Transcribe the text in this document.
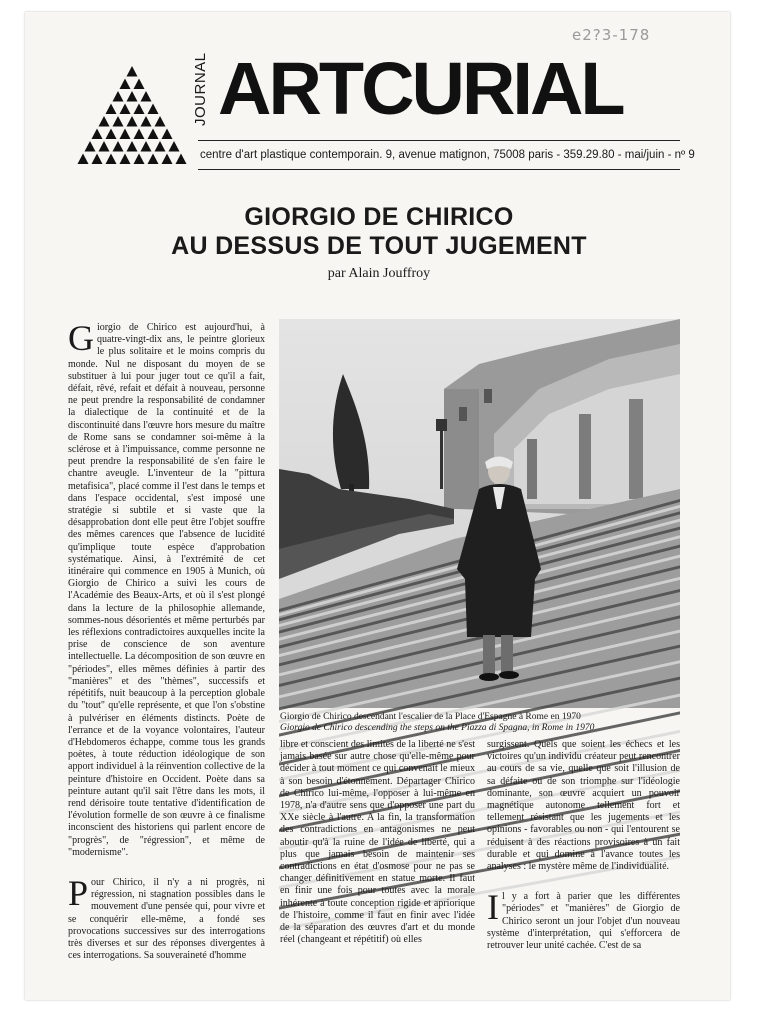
e2?3-178
JOURNAL ARTCURIAL
centre d'art plastique contemporain. 9, avenue matignon, 75008 paris - 359.29.80 - mai/juin - nº 9
GIORGIO DE CHIRICO
AU DESSUS DE TOUT JUGEMENT
par Alain Jouffroy

Giorgio de Chirico est aujourd'hui, à quatre-vingt-dix ans, le peintre glorieux le plus solitaire et le moins compris du monde. Nul ne disposant du moyen de se substituer à lui pour juger tout ce qu'il a fait, défait, rêvé, refait et défait à nouveau, personne ne peut prendre la responsabilité de condamner la dialectique de la continuité et de la discontinuité dans l'œuvre hors mesure du maître de Rome sans se condamner soi-même à la sclérose et à l'impuissance, comme personne ne peut prendre la responsabilité de s'en faire le chantre aveugle. L'inventeur de la "pittura metafisica", placé comme il l'est dans le temps et dans l'espace occidental, s'est imposé une stratégie si subtile et si vaste que la désapprobation dont elle peut être l'objet souffre des mêmes carences que l'absence de lucidité qu'implique toute espèce d'approbation systématique. Ainsi, à l'extrémité de cet itinéraire qui commence en 1905 à Munich, où Giorgio de Chirico a suivi les cours de l'Académie des Beaux-Arts, et où il s'est plongé dans la lecture de la philosophie allemande, sommes-nous désorientés et même perturbés par les réflexions contradictoires auxquelles incite la prise de conscience de son aventure intellectuelle. La décomposition de son œuvre en "périodes", elles mêmes définies à partir des "manières" et des "thèmes", successifs et répétitifs, nuit beaucoup à la perception globale du "tout" qu'elle représente, et que l'on s'obstine à pulvériser en éléments distincts. Poète de l'errance et de la voyance volontaires, l'auteur d'Hebdomeros échappe, comme tous les grands poètes, à toute réduction idéologique de son apport individuel à la réinvention collective de la peinture d'histoire en Occident. Poète dans sa peinture autant qu'il sait l'être dans les mots, il rend dérisoire toute tentative d'identification de l'évolution formelle de son œuvre à ce finalisme inconscient des historiens qui parlent encore de "progrès", de "régression", et même de "modernisme".

Pour Chirico, il n'y a ni progrès, ni régression, ni stagnation possibles dans le mouvement d'une pensée qui, pour vivre et se conquérir elle-même, a fondé ses provocations successives sur des interrogations très diverses et sur des réponses divergentes à ces interrogations. Sa souveraineté d'homme

Giorgio de Chirico descendant l'escalier de la Place d'Espagne à Rome en 1970
Giorgio de Chirico descending the steps on the Piazza di Spagna, in Rome in 1970

libre et conscient des limites de la liberté ne s'est jamais basée sur autre chose qu'elle-même pour décider à tout moment ce qui convenait le mieux à son besoin d'étonnement. Départager Chirico de Chirico lui-même, l'opposer à lui-même en 1978, n'a d'autre sens que d'opposer une part du XXe siècle à l'autre. A la fin, la transformation des contradictions en antagonismes ne peut aboutir qu'à la ruine de l'idée de liberté, qui a plus que jamais besoin de maintenir ses contradictions en état d'osmose pour ne pas se changer définitivement en statue morte. Il faut en finir une fois pour toutes avec la morale inhérente à toute conception rigide et apriorique de l'histoire, comme il faut en finir avec l'idée de la séparation des œuvres d'art et du monde réel (changeant et répétitif) où elles

surgissent. Quels que soient les échecs et les victoires qu'un individu créateur peut rencontrer au cours de sa vie, quelle que soit l'illusion de sa défaite ou de son triomphe sur l'idéologie dominante, son œuvre acquiert un pouvoir magnétique autonome tellement fort et tellement résistant que les jugements et les opinions - favorables ou non - qui l'entourent se réduisent à des réactions provisoires à un fait durable et qui domine à l'avance toutes les analyses : le mystère même de l'individualité.

Il y a fort à parier que les différentes "périodes" et "manières" de Giorgio de Chirico seront un jour l'objet d'un nouveau système d'interprétation, qui s'efforcera de retrouver leur unité cachée. C'est de sa
